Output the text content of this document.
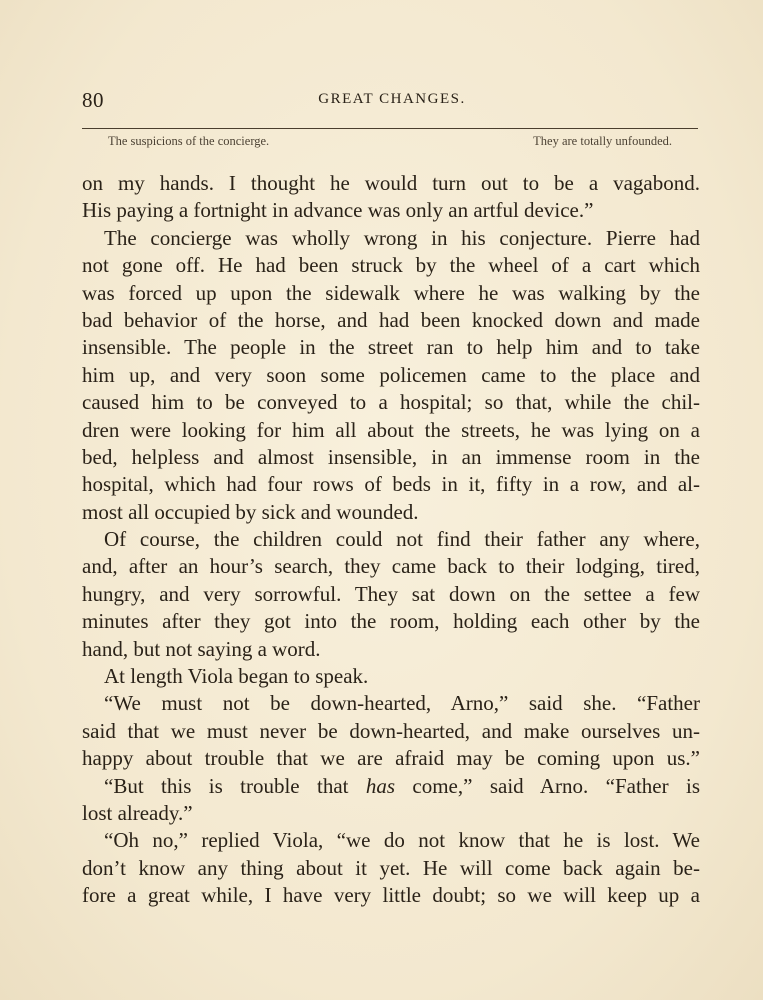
80	GREAT CHANGES.
The suspicions of the concierge.	They are totally unfounded.
on my hands. I thought he would turn out to be a vagabond.
His paying a fortnight in advance was only an artful device.”
The concierge was wholly wrong in his conjecture. Pierre had
not gone off. He had been struck by the wheel of a cart which
was forced up upon the sidewalk where he was walking by the
bad behavior of the horse, and had been knocked down and made
insensible. The people in the street ran to help him and to take
him up, and very soon some policemen came to the place and
caused him to be conveyed to a hospital; so that, while the chil-
dren were looking for him all about the streets, he was lying on a
bed, helpless and almost insensible, in an immense room in the
hospital, which had four rows of beds in it, fifty in a row, and al-
most all occupied by sick and wounded.
Of course, the children could not find their father any where,
and, after an hour’s search, they came back to their lodging, tired,
hungry, and very sorrowful. They sat down on the settee a few
minutes after they got into the room, holding each other by the
hand, but not saying a word.
At length Viola began to speak.
“We must not be down-hearted, Arno,” said she. “Father
said that we must never be down-hearted, and make ourselves un-
happy about trouble that we are afraid may be coming upon us.”
“But this is trouble that has come,” said Arno. “Father is
lost already.”
“Oh no,” replied Viola, “we do not know that he is lost. We
don’t know any thing about it yet. He will come back again be-
fore a great while, I have very little doubt; so we will keep up a
